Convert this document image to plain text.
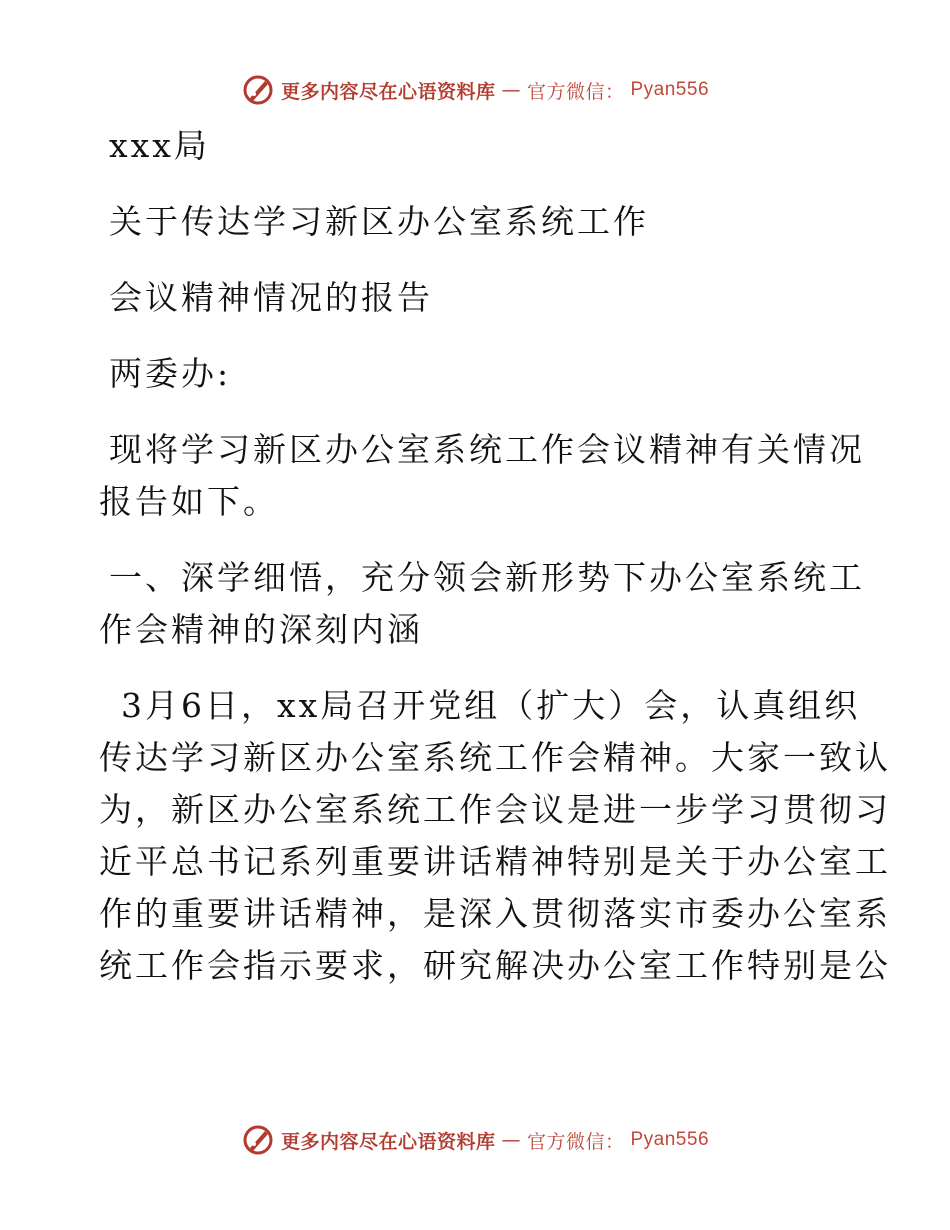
更多内容尽在心语资料库 — 官方微信： Pyan556

xxx局

关于传达学习新区办公室系统工作

会议精神情况的报告

两委办:

现将学习新区办公室系统工作会议精神有关情况

报告如下。

一、深学细悟，充分领会新形势下办公室系统工

作会精神的深刻内涵

3月6日，xx局召开党组（扩大）会，认真组织

传达学习新区办公室系统工作会精神。大家一致认

为，新区办公室系统工作会议是进一步学习贯彻习

近平总书记系列重要讲话精神特别是关于办公室工

作的重要讲话精神，是深入贯彻落实市委办公室系

统工作会指示要求，研究解决办公室工作特别是公

更多内容尽在心语资料库 — 官方微信： Pyan556
